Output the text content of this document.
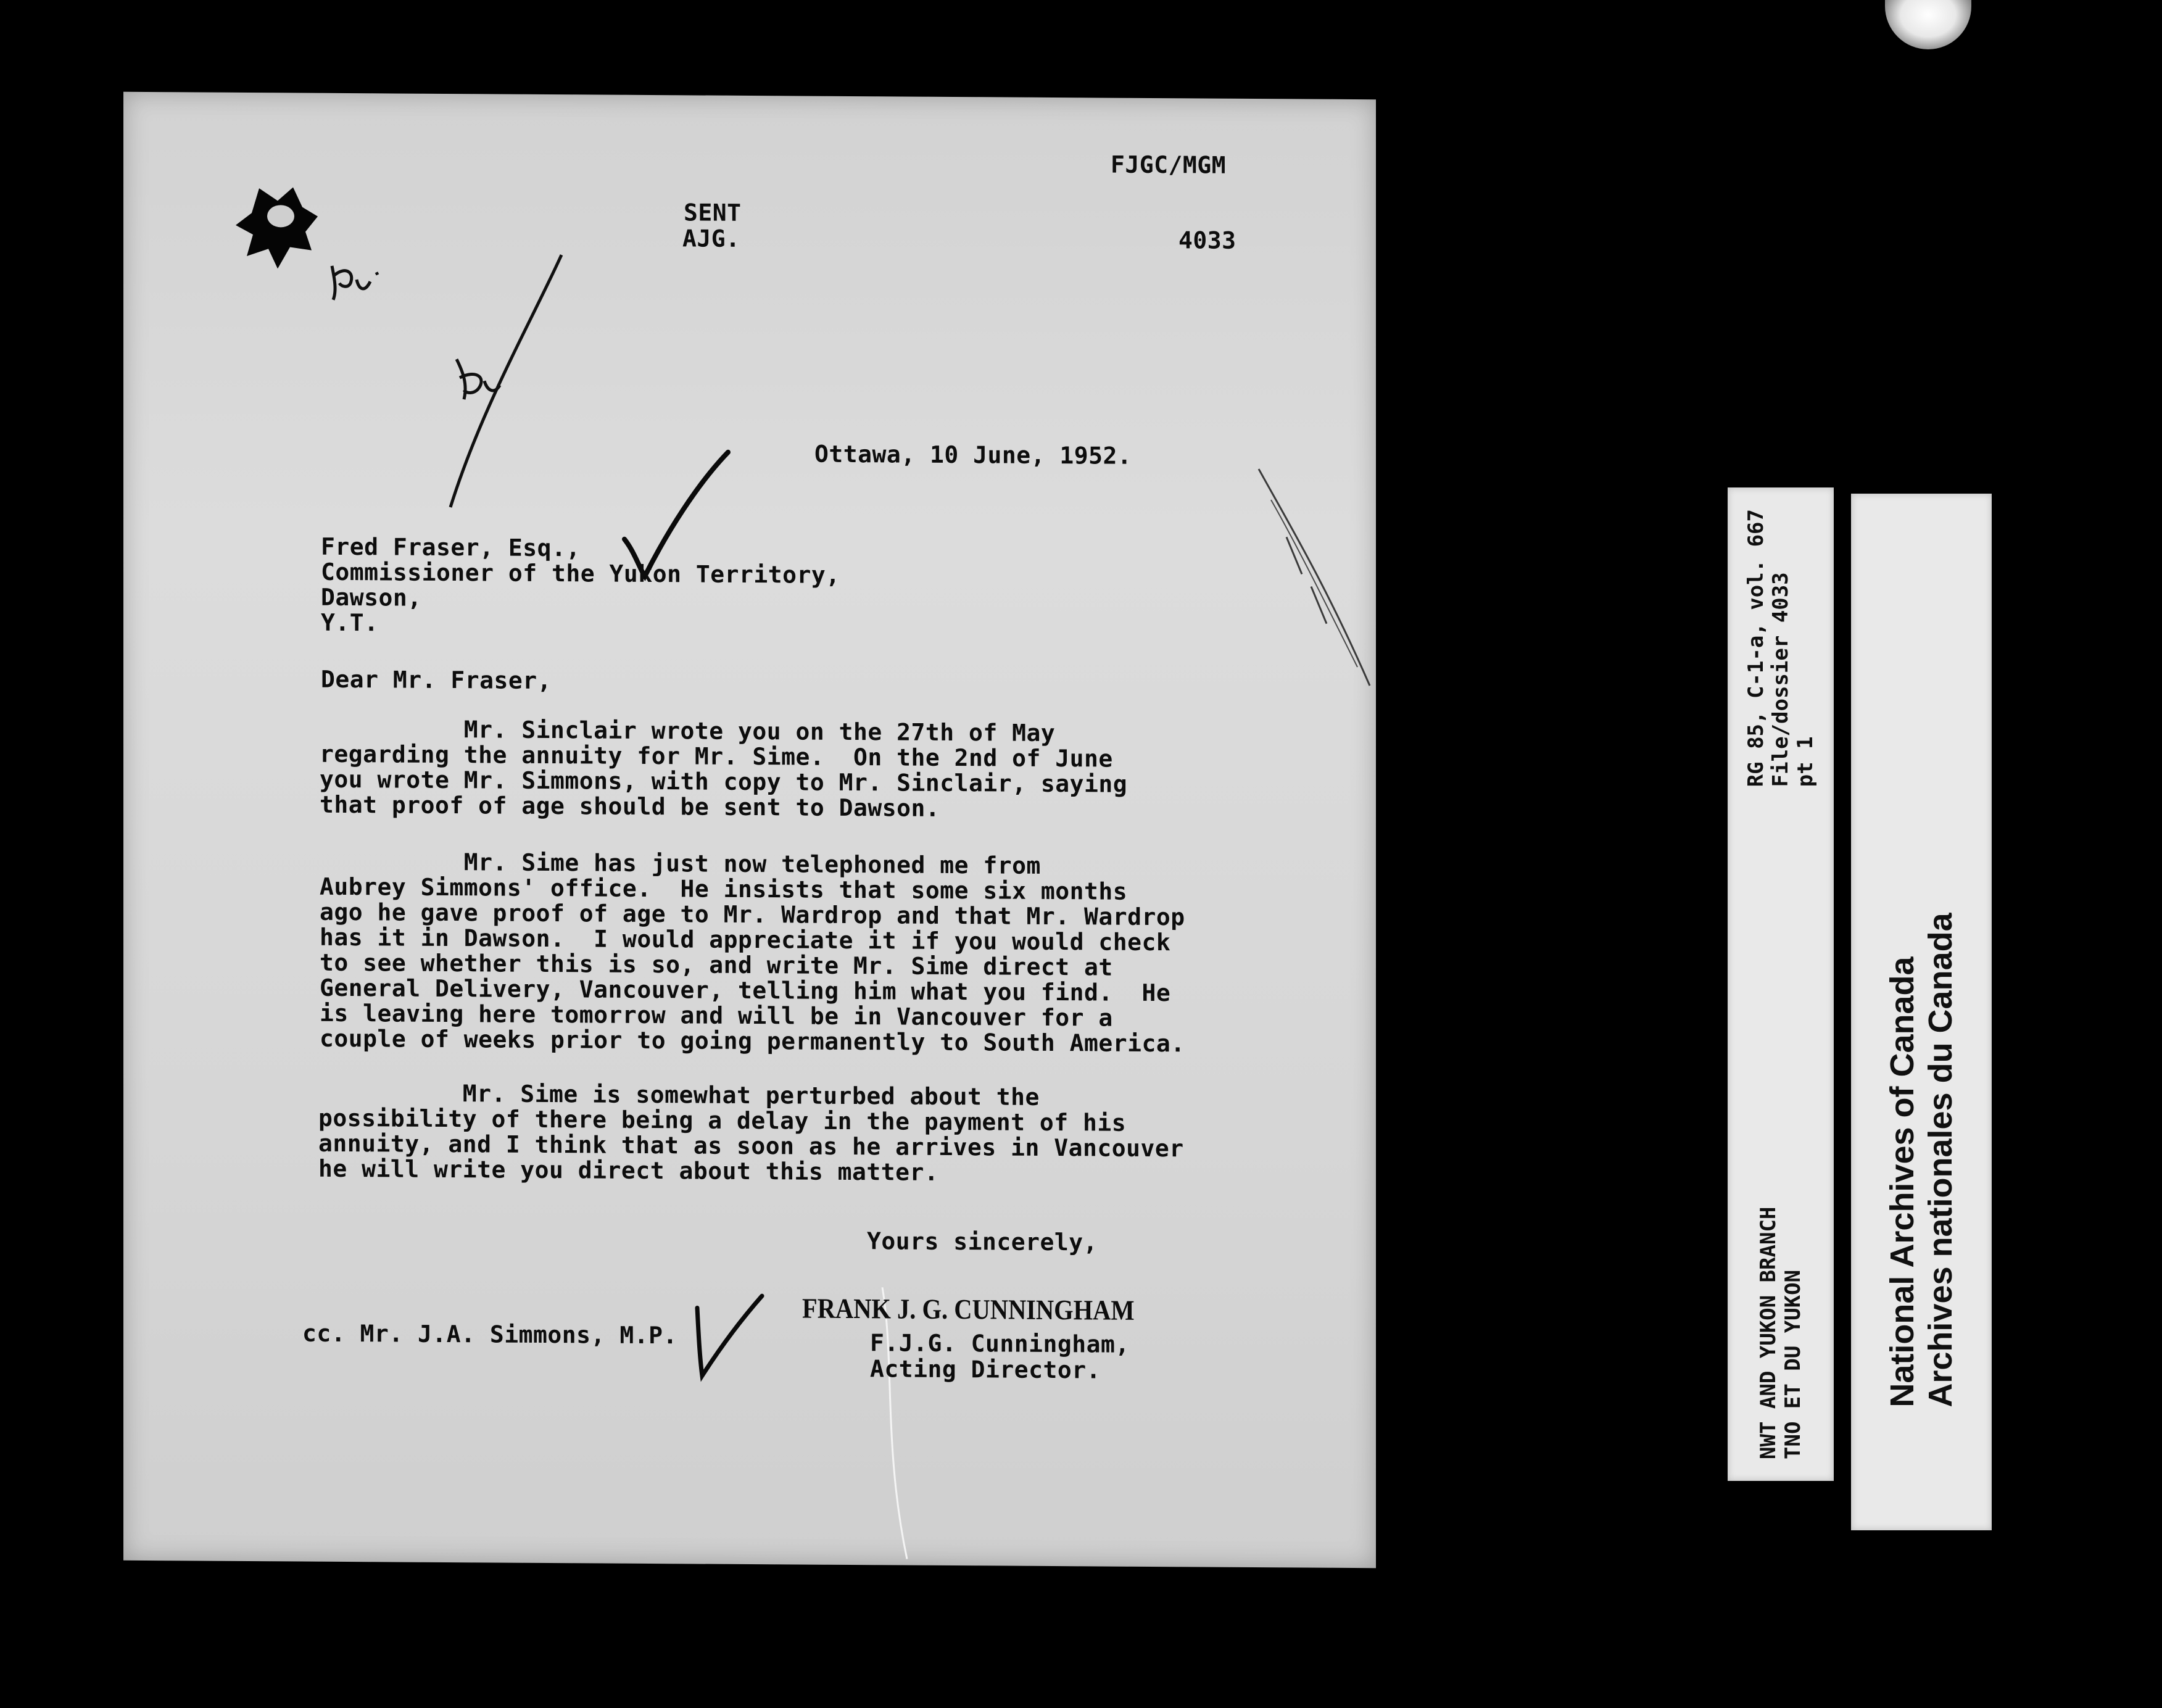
FJGC/MGM

SENT

AJG.	4033

Ottawa, 10 June, 1952.

Fred Fraser, Esq.,

Commissioner of the Yukon Territory,

Dawson,

Y.T.

Dear Mr. Fraser,

Mr. Sinclair wrote you on the 27th of May
regarding the annuity for Mr. Sime.  On the 2nd of June
you wrote Mr. Simmons, with copy to Mr. Sinclair, saying
that proof of age should be sent to Dawson.

Mr. Sime has just now telephoned me from
Aubrey Simmons' office.  He insists that some six months
ago he gave proof of age to Mr. Wardrop and that Mr. Wardrop
has it in Dawson.  I would appreciate it if you would check
to see whether this is so, and write Mr. Sime direct at
General Delivery, Vancouver, telling him what you find.  He
is leaving here tomorrow and will be in Vancouver for a
couple of weeks prior to going permanently to South America.

Mr. Sime is somewhat perturbed about the
possibility of there being a delay in the payment of his
annuity, and I think that as soon as he arrives in Vancouver
he will write you direct about this matter.

Yours sincerely,

cc. Mr. J.A. Simmons, M.P.

FRANK J. G. CUNNINGHAM

F.J.G. Cunningham,

Acting Director.	NWT AND YUKON BRANCH TNO ET DU YUKON
RG 85, C-1-a, vol. 667 File/dossier 4033 pt 1
National Archives of Canada Archives nationales du Canada
